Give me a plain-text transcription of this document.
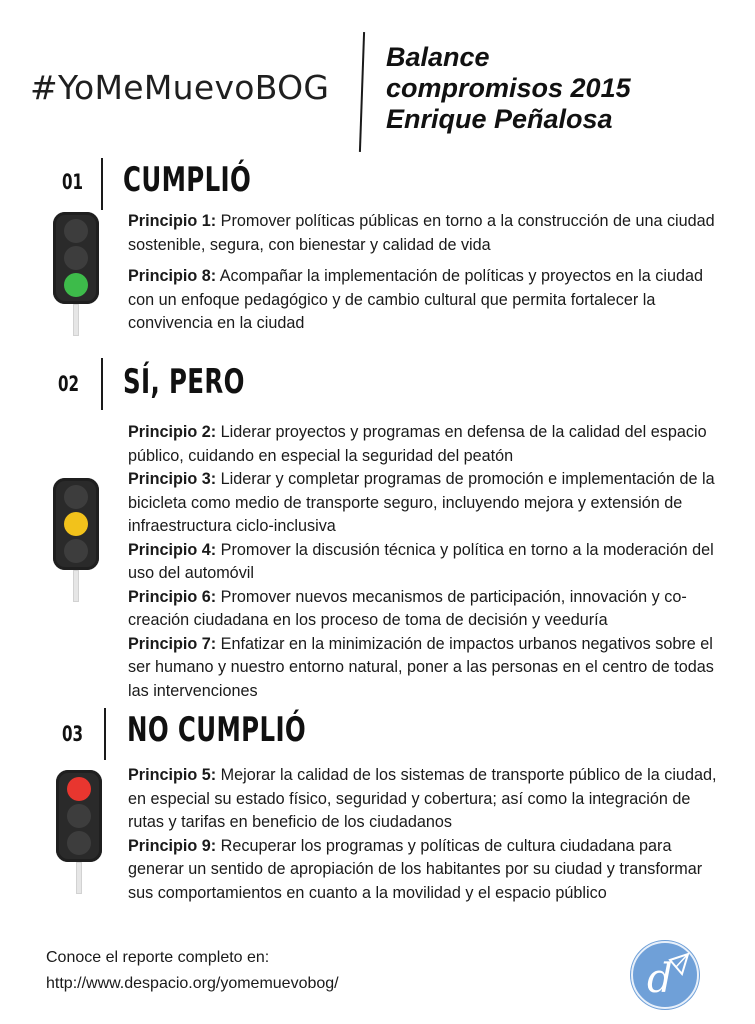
#YoMeMuevoBOG
Balance
compromisos 2015
Enrique Peñalosa
01 CUMPLIÓ

Principio 1: Promover políticas públicas en torno a la construcción de una ciudad sostenible, segura, con bienestar y calidad de vida

Principio 8: Acompañar la implementación de políticas y proyectos en la ciudad con un enfoque pedagógico y de cambio cultural que permita fortalecer la convivencia en la ciudad

02 SÍ, PERO

Principio 2: Liderar proyectos y programas en defensa de la calidad del espacio público, cuidando en especial la seguridad del peatón

Principio 3: Liderar y completar programas de promoción e implementación de la bicicleta como medio de transporte seguro, incluyendo mejora y extensión de infraestructura ciclo-inclusiva

Principio 4: Promover la discusión técnica y política en torno a la moderación del uso del automóvil

Principio 6: Promover nuevos mecanismos de participación, innovación y co-creación ciudadana en los proceso de toma de decisión y veeduría

Principio 7: Enfatizar en la minimización de impactos urbanos negativos sobre el ser humano y nuestro entorno natural, poner a las personas en el centro de todas las intervenciones

03 NO CUMPLIÓ

Principio 5: Mejorar la calidad de los sistemas de transporte público de la ciudad, en especial su estado físico, seguridad y cobertura; así como la integración de rutas y tarifas en beneficio de los ciudadanos

Principio 9: Recuperar los programas y políticas de cultura ciudadana para generar un sentido de apropiación de los habitantes por su ciudad y transformar sus comportamientos en cuanto a la movilidad y el espacio público

Conoce el reporte completo en:
http://www.despacio.org/yomemuevobog/	d
